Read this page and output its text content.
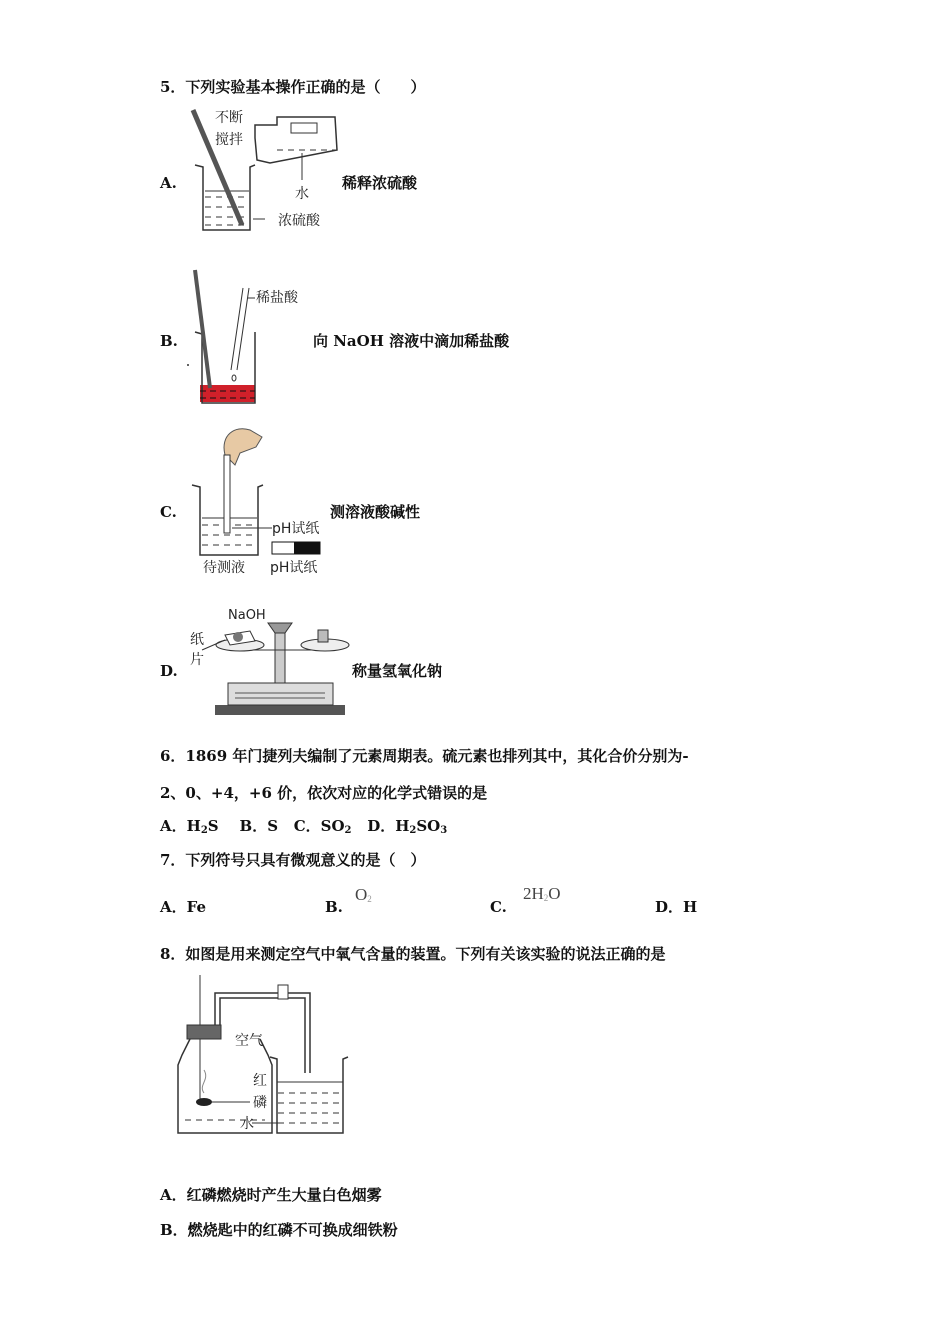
5．下列实验基本操作正确的是（　　）
A.
不断
搅拌
水
浓硫酸
稀释浓硫酸
B.
稀盐酸
向 NaOH 溶液中滴加稀盐酸
C.
pH试纸
待测液 pH试纸
测溶液酸碱性
D.
NaOH
纸
片
称量氢氧化钠
6．1869 年门捷列夫编制了元素周期表。硫元素也排列其中，其化合价分别为-
2、0、+4，+6 价，依次对应的化学式错误的是
A．$H_2S$ B．S C．$SO_2$ D．$H_2SO_3$
7．下列符号只具有微观意义的是（　）
A．Fe	B.
$O_2$	C.
$2H_2O$
D．H
8．如图是用来测定空气中氧气含量的装置。下列有关该实验的说法正确的是
空气
红
磷
水
A．红磷燃烧时产生大量白色烟雾
B．燃烧匙中的红磷不可换成细铁粉
